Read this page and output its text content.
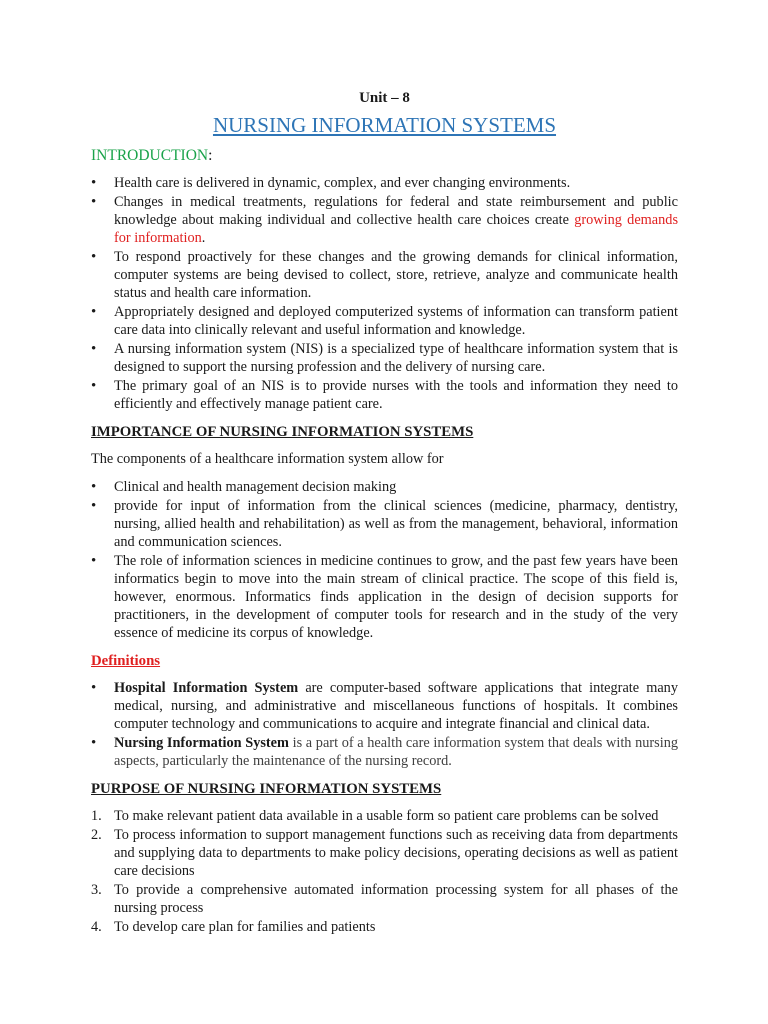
Unit – 8

NURSING INFORMATION SYSTEMS

INTRODUCTION:

• Health care is delivered in dynamic, complex, and ever changing environments.
• Changes in medical treatments, regulations for federal and state reimbursement and public knowledge about making individual and collective health care choices create growing demands for information.
• To respond proactively for these changes and the growing demands for clinical information, computer systems are being devised to collect, store, retrieve, analyze and communicate health status and health care information.
• Appropriately designed and deployed computerized systems of information can transform patient care data into clinically relevant and useful information and knowledge.
• A nursing information system (NIS) is a specialized type of healthcare information system that is designed to support the nursing profession and the delivery of nursing care.
• The primary goal of an NIS is to provide nurses with the tools and information they need to efficiently and effectively manage patient care.

IMPORTANCE OF NURSING INFORMATION SYSTEMS

The components of a healthcare information system allow for

• Clinical and health management decision making
• provide for input of information from the clinical sciences (medicine, pharmacy, dentistry, nursing, allied health and rehabilitation) as well as from the management, behavioral, information and communication sciences.
• The role of information sciences in medicine continues to grow, and the past few years have been informatics begin to move into the main stream of clinical practice. The scope of this field is, however, enormous. Informatics finds application in the design of decision supports for practitioners, in the development of computer tools for research and in the study of the very essence of medicine its corpus of knowledge.

Definitions

• Hospital Information System are computer-based software applications that integrate many medical, nursing, and administrative and miscellaneous functions of hospitals. It combines computer technology and communications to acquire and integrate financial and clinical data.
• Nursing Information System is a part of a health care information system that deals with nursing aspects, particularly the maintenance of the nursing record.

PURPOSE OF NURSING INFORMATION SYSTEMS

1. To make relevant patient data available in a usable form so patient care problems can be solved
2. To process information to support management functions such as receiving data from departments and supplying data to departments to make policy decisions, operating decisions as well as patient care decisions
3. To provide a comprehensive automated information processing system for all phases of the nursing process
4. To develop care plan for families and patients
